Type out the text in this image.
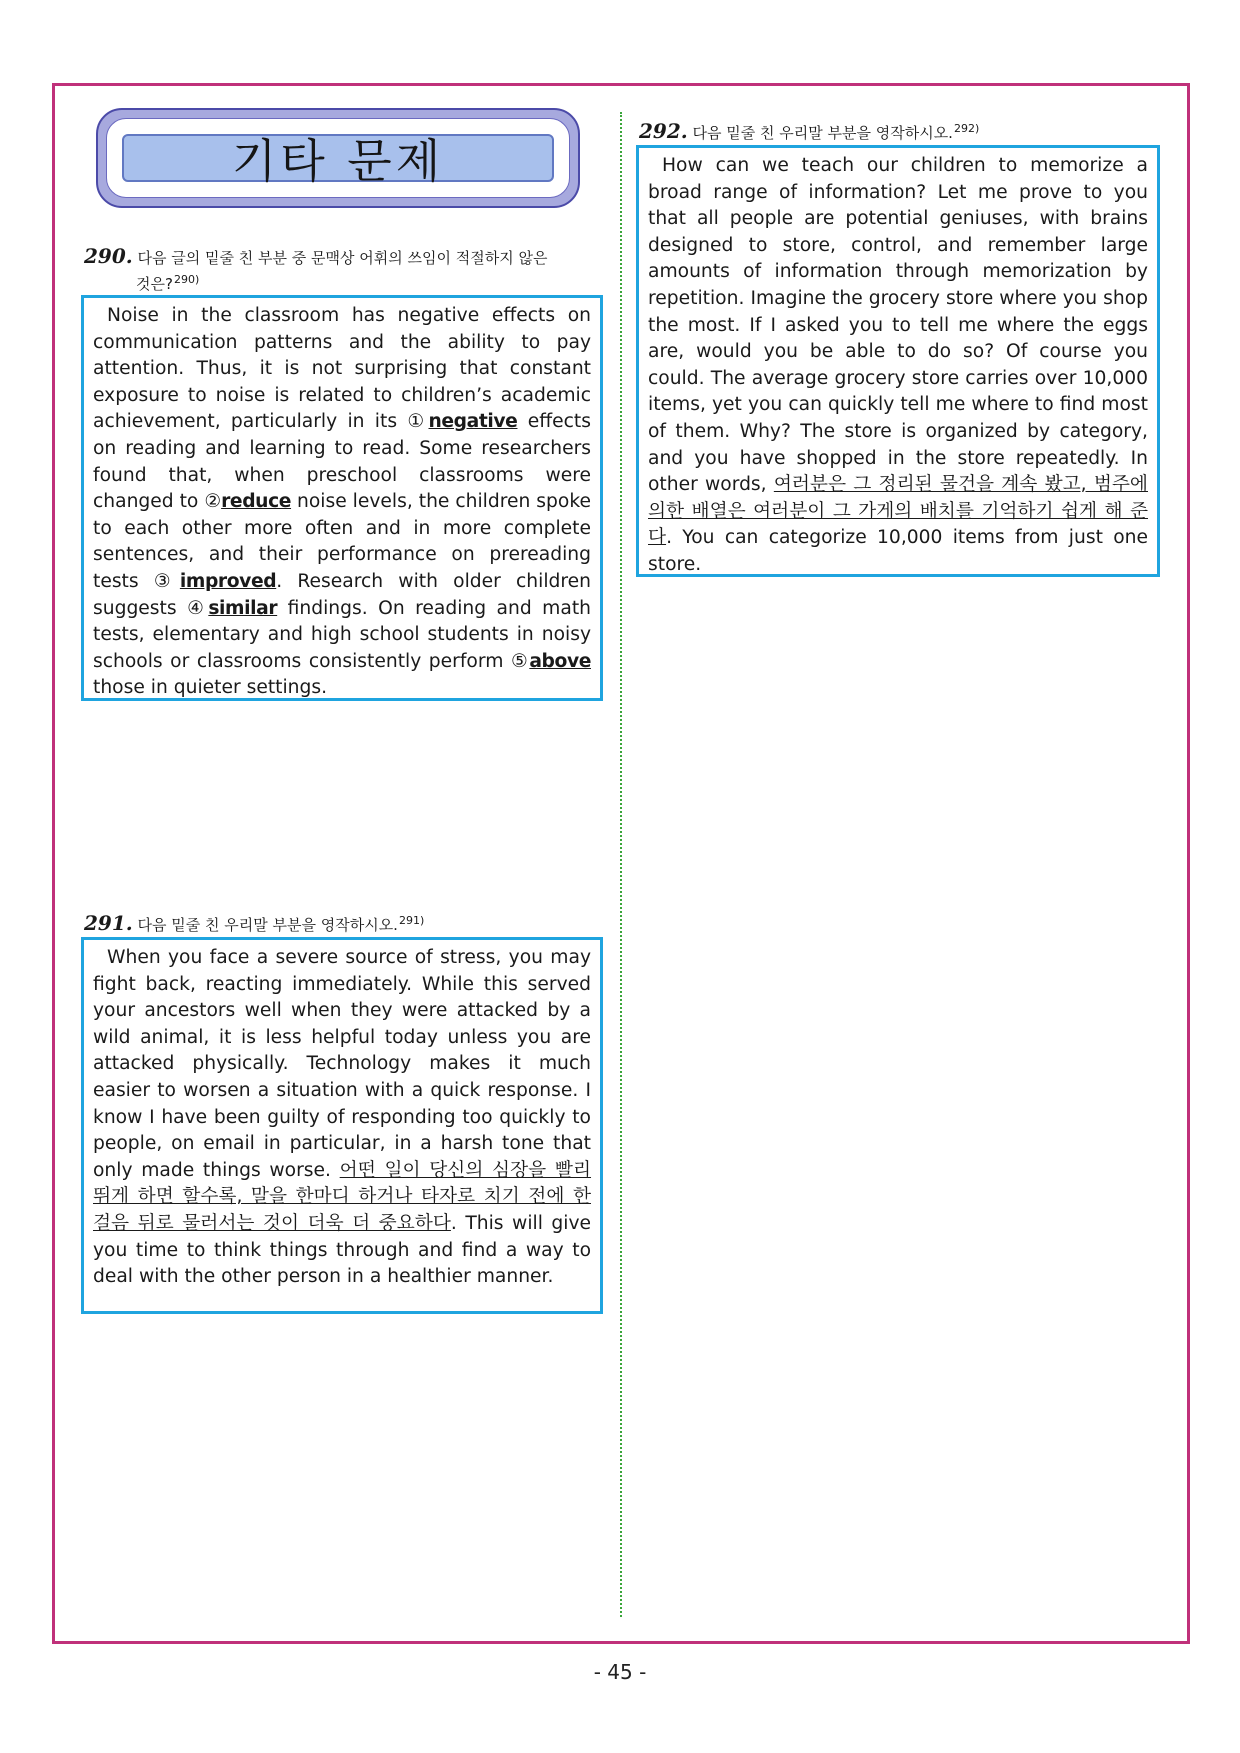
기타 문제
290. 다음 글의 밑줄 친 부분 중 문맥상 어휘의 쓰임이 적절하지 않은
것은?$^{290)}$

Noise in the classroom has negative effects on communication patterns and the ability to pay attention. Thus, it is not surprising that constant exposure to noise is related to children’s academic achievement, particularly in its ①negative effects on reading and learning to read. Some researchers found that, when preschool classrooms were changed to ②reduce noise levels, the children spoke to each other more often and in more complete sentences, and their performance on prereading tests ③improved. Research with older children suggests ④similar findings. On reading and math tests, elementary and high school students in noisy schools or classrooms consistently perform ⑤above those in quieter settings.

291. 다음 밑줄 친 우리말 부분을 영작하시오.$^{291)}$

When you face a severe source of stress, you may fight back, reacting immediately. While this served your ancestors well when they were attacked by a wild animal, it is less helpful today unless you are attacked physically. Technology makes it much easier to worsen a situation with a quick response. I know I have been guilty of responding too quickly to people, on email in particular, in a harsh tone that only made things worse. 어떤 일이 당신의 심장을 빨리 뛰게 하면 할수록, 말을 한마디 하거나 타자로 치기 전에 한 걸음 뒤로 물러서는 것이 더욱 더 중요하다. This will give you time to think things through and find a way to deal with the other person in a healthier manner.

292. 다음 밑줄 친 우리말 부분을 영작하시오.$^{292)}$

How can we teach our children to memorize a broad range of information? Let me prove to you that all people are potential geniuses, with brains designed to store, control, and remember large amounts of information through memorization by repetition. Imagine the grocery store where you shop the most. If I asked you to tell me where the eggs are, would you be able to do so? Of course you could. The average grocery store carries over 10,000 items, yet you can quickly tell me where to find most of them. Why? The store is organized by category, and you have shopped in the store repeatedly. In other words, 여러분은 그 정리된 물건을 계속 봤고, 범주에 의한 배열은 여러분이 그 가게의 배치를 기억하기 쉽게 해 준다. You can categorize 10,000 items from just one store.

- 45 -
